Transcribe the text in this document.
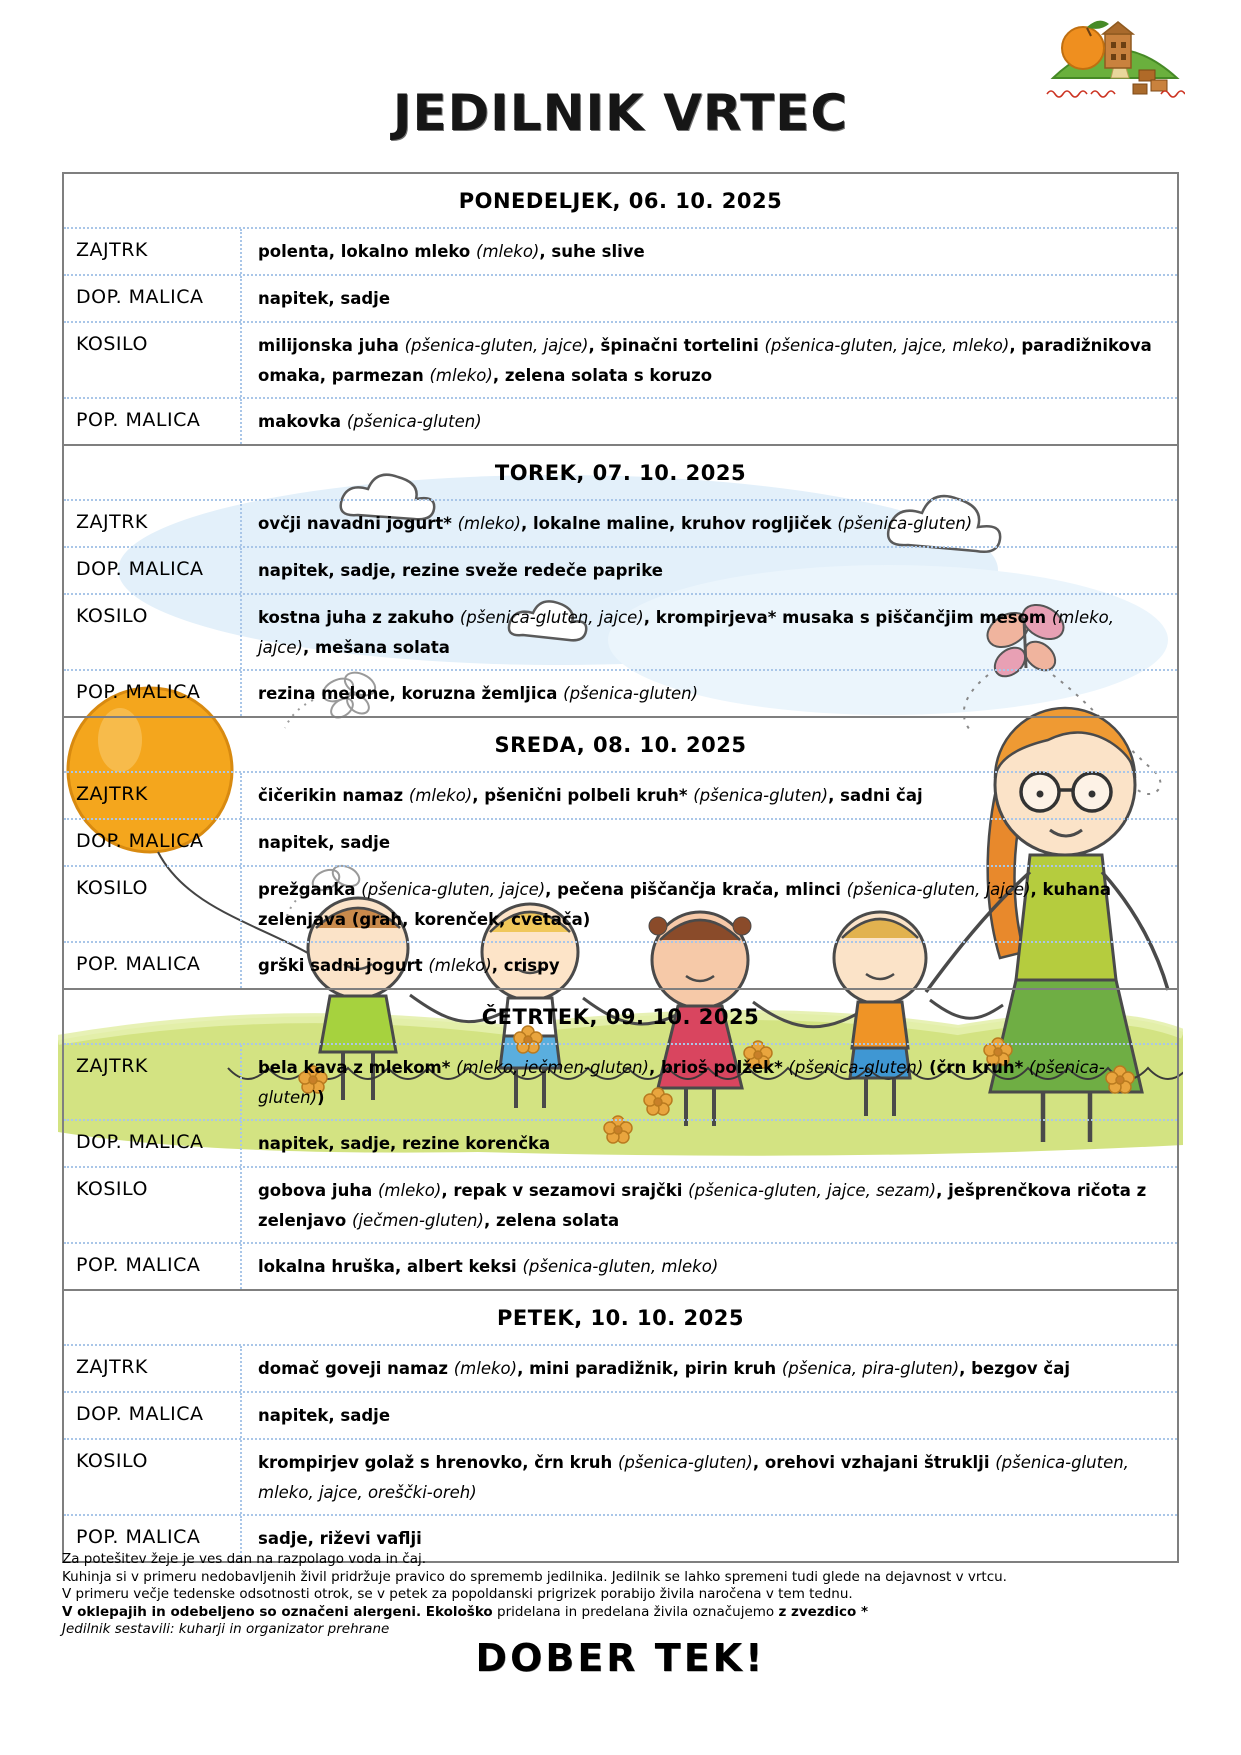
JEDILNIK VRTEC
PONEDELJEK, 06. 10. 2025
ZAJTRK	polenta, lokalno mleko (mleko), suhe slive
DOP. MALICA	napitek, sadje
KOSILO	milijonska juha (pšenica-gluten, jajce), špinačni tortelini (pšenica-gluten, jajce, mleko), paradižnikova omaka, parmezan (mleko), zelena solata s koruzo
POP. MALICA	makovka (pšenica-gluten)
TOREK, 07. 10. 2025
ZAJTRK	ovčji navadni jogurt* (mleko), lokalne maline, kruhov rogljiček (pšenica-gluten)
DOP. MALICA	napitek, sadje, rezine sveže redeče paprike
KOSILO	kostna juha z zakuho (pšenica-gluten, jajce), krompirjeva* musaka s piščančjim mesom (mleko, jajce), mešana solata
POP. MALICA	rezina melone, koruzna žemljica (pšenica-gluten)
SREDA, 08. 10. 2025
ZAJTRK	čičerikin namaz (mleko), pšenični polbeli kruh* (pšenica-gluten), sadni čaj
DOP. MALICA	napitek, sadje
KOSILO	prežganka (pšenica-gluten, jajce), pečena piščančja krača, mlinci (pšenica-gluten, jajce), kuhana zelenjava (grah, korenček, cvetača)
POP. MALICA	grški sadni jogurt (mleko), crispy
ČETRTEK, 09. 10. 2025
ZAJTRK	bela kava z mlekom* (mleko, ječmen-gluten), brioš polžek* (pšenica-gluten) (črn kruh* (pšenica-gluten))
DOP. MALICA	napitek, sadje, rezine korenčka
KOSILO	gobova juha (mleko), repak v sezamovi srajčki (pšenica-gluten, jajce, sezam), ješprenčkova ričota z zelenjavo (ječmen-gluten), zelena solata
POP. MALICA	lokalna hruška, albert keksi (pšenica-gluten, mleko)
PETEK, 10. 10. 2025
ZAJTRK	domač goveji namaz (mleko), mini paradižnik, pirin kruh (pšenica, pira-gluten), bezgov čaj
DOP. MALICA	napitek, sadje
KOSILO	krompirjev golaž s hrenovko, črn kruh (pšenica-gluten), orehovi vzhajani štruklji (pšenica-gluten, mleko, jajce, oreščki-oreh)
POP. MALICA	sadje, riževi vaflji
Za potešitev žeje je ves dan na razpolago voda in čaj.
Kuhinja si v primeru nedobavljenih živil pridržuje pravico do sprememb jedilnika. Jedilnik se lahko spremeni tudi glede na dejavnost v vrtcu.
V primeru večje tedenske odsotnosti otrok, se v petek za popoldanski prigrizek porabijo živila naročena v tem tednu.
V oklepajih in odebeljeno so označeni alergeni. Ekološko pridelana in predelana živila označujemo z zvezdico *
Jedilnik sestavili: kuharji in organizator prehrane
DOBER TEK!
